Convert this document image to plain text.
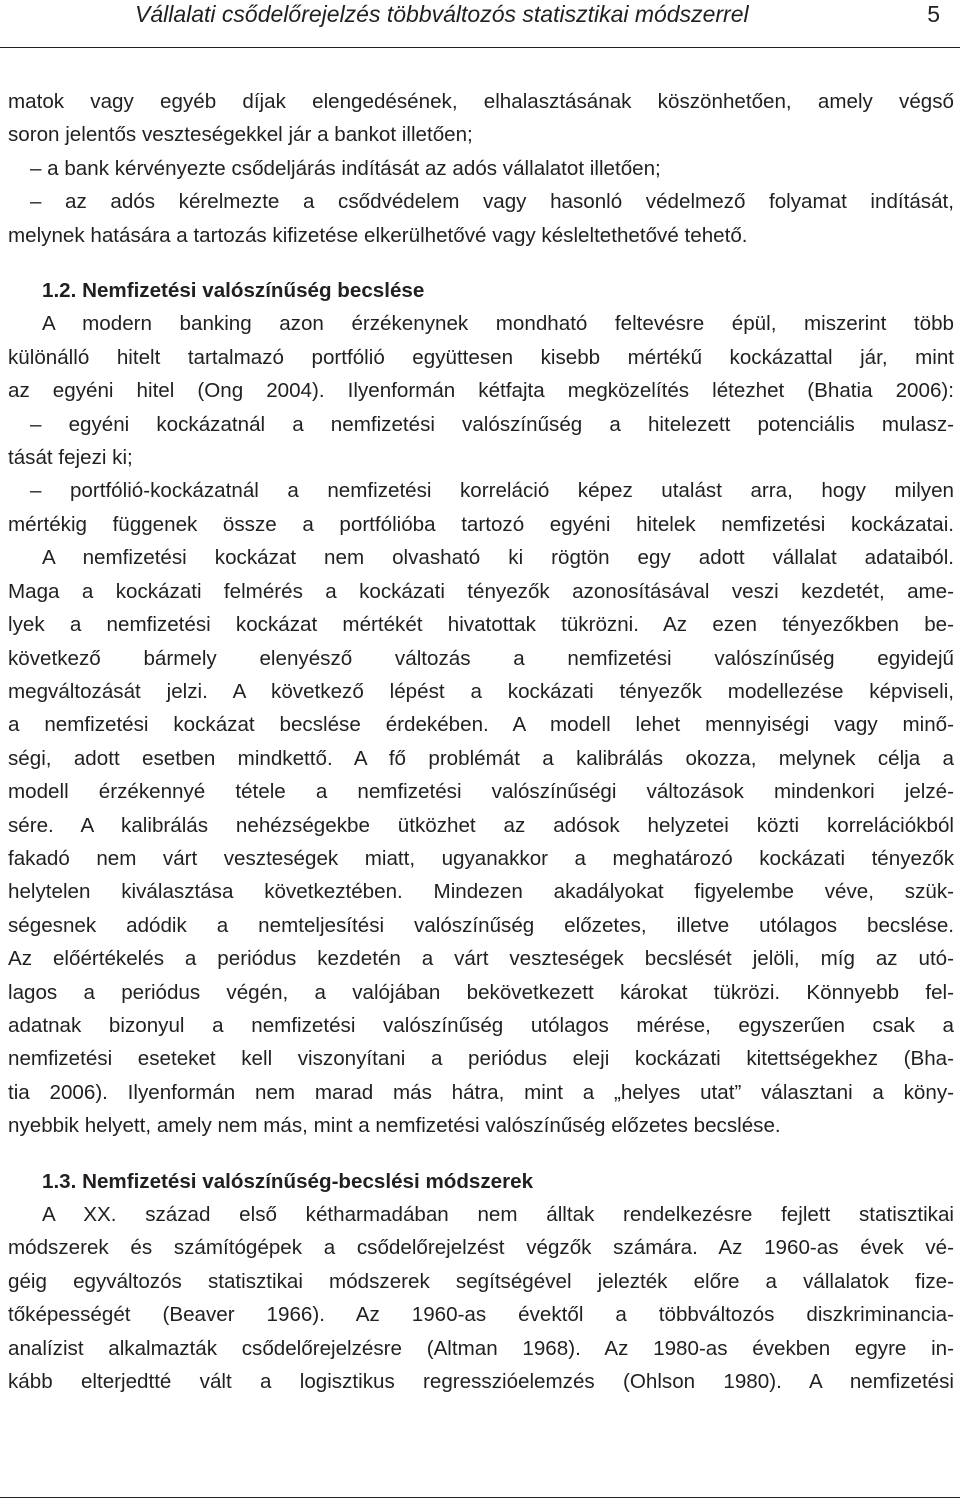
Vállalati csődelőrejelzés többváltozós statisztikai módszerrel	5

matok vagy egyéb díjak elengedésének, elhalasztásának köszönhetően, amely végső

soron jelentős veszteségekkel jár a bankot illetően;

– a bank kérvényezte csődeljárás indítását az adós vállalatot illetően;

– az adós kérelmezte a csődvédelem vagy hasonló védelmező folyamat indítását,

melynek hatására a tartozás kifizetése elkerülhetővé vagy késleltethetővé tehető.

1.2. Nemfizetési valószínűség becslése

A modern banking azon érzékenynek mondható feltevésre épül, miszerint több

különálló hitelt tartalmazó portfólió együttesen kisebb mértékű kockázattal jár, mint

az egyéni hitel (Ong 2004). Ilyenformán kétfajta megközelítés létezhet (Bhatia 2006):

– egyéni kockázatnál a nemfizetési valószínűség a hitelezett potenciális mulasz-

tását fejezi ki;

– portfólió-kockázatnál a nemfizetési korreláció képez utalást arra, hogy milyen

mértékig függenek össze a portfólióba tartozó egyéni hitelek nemfizetési kockázatai.

A nemfizetési kockázat nem olvasható ki rögtön egy adott vállalat adataiból.

Maga a kockázati felmérés a kockázati tényezők azonosításával veszi kezdetét, ame-

lyek a nemfizetési kockázat mértékét hivatottak tükrözni. Az ezen tényezőkben be-

következő bármely elenyésző változás a nemfizetési valószínűség egyidejű

megváltozását jelzi. A következő lépést a kockázati tényezők modellezése képviseli,

a nemfizetési kockázat becslése érdekében. A modell lehet mennyiségi vagy minő-

ségi, adott esetben mindkettő. A fő problémát a kalibrálás okozza, melynek célja a

modell érzékennyé tétele a nemfizetési valószínűségi változások mindenkori jelzé-

sére. A kalibrálás nehézségekbe ütközhet az adósok helyzetei közti korrelációkból

fakadó nem várt veszteségek miatt, ugyanakkor a meghatározó kockázati tényezők

helytelen kiválasztása következtében. Mindezen akadályokat figyelembe véve, szük-

ségesnek adódik a nemteljesítési valószínűség előzetes, illetve utólagos becslése.

Az előértékelés a periódus kezdetén a várt veszteségek becslését jelöli, míg az utó-

lagos a periódus végén, a valójában bekövetkezett károkat tükrözi. Könnyebb fel-

adatnak bizonyul a nemfizetési valószínűség utólagos mérése, egyszerűen csak a

nemfizetési eseteket kell viszonyítani a periódus eleji kockázati kitettségekhez (Bha-

tia 2006). Ilyenformán nem marad más hátra, mint a „helyes utat” választani a köny-

nyebbik helyett, amely nem más, mint a nemfizetési valószínűség előzetes becslése.

1.3. Nemfizetési valószínűség-becslési módszerek

A XX. század első kétharmadában nem álltak rendelkezésre fejlett statisztikai

módszerek és számítógépek a csődelőrejelzést végzők számára. Az 1960-as évek vé-

géig egyváltozós statisztikai módszerek segítségével jelezték előre a vállalatok fize-

tőképességét (Beaver 1966). Az 1960-as évektől a többváltozós diszkriminancia-

analízist alkalmazták csődelőrejelzésre (Altman 1968). Az 1980-as években egyre in-

kább elterjedtté vált a logisztikus regresszióelemzés (Ohlson 1980). A nemfizetési
